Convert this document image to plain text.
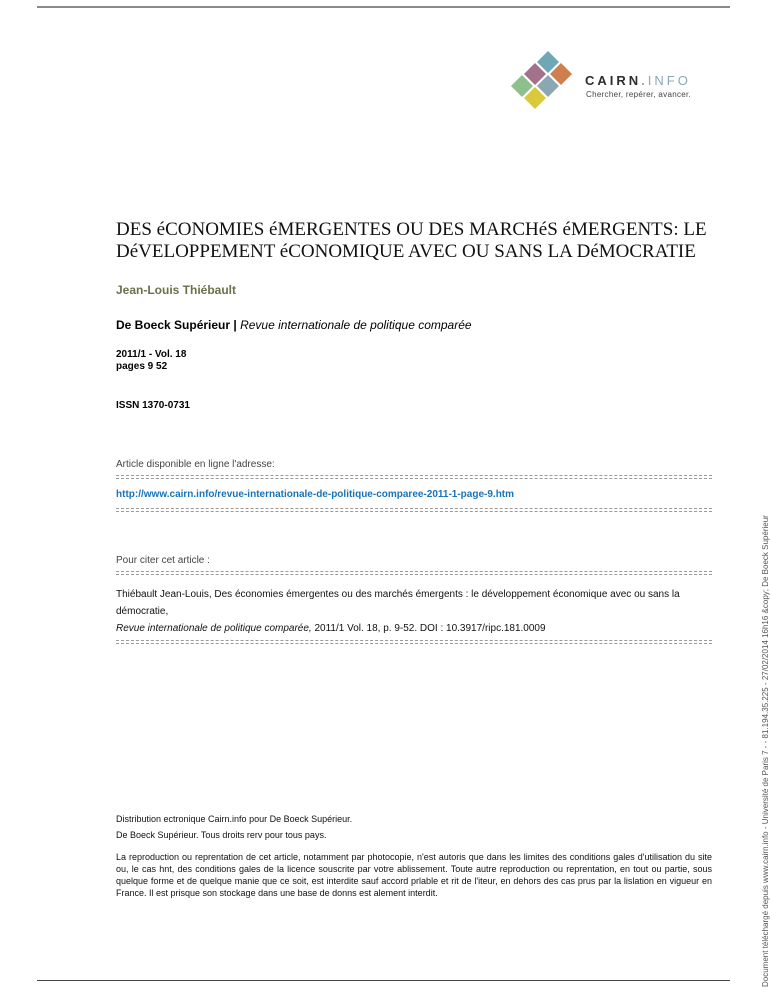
CAIRN.INFO
Chercher, repérer, avancer.
DES éCONOMIES éMERGENTES OU DES MARCHéS éMERGENTS: LE DéVELOPPEMENT éCONOMIQUE AVEC OU SANS LA DéMOCRATIE
Jean-Louis Thiébault
De Boeck Supérieur | Revue internationale de politique comparée
2011/1 - Vol. 18
pages 9 52
ISSN 1370-0731
Article disponible en ligne l'adresse:
http://www.cairn.info/revue-internationale-de-politique-comparee-2011-1-page-9.htm
Pour citer cet article :
Thiébault Jean-Louis, Des économies émergentes ou des marchés émergents : le développement économique avec ou sans la démocratie,
Revue internationale de politique comparée, 2011/1 Vol. 18, p. 9-52. DOI : 10.3917/ripc.181.0009
Distribution ectronique Cairn.info pour De Boeck Supérieur.
De Boeck Supérieur. Tous droits rerv pour tous pays.
La reproduction ou reprentation de cet article, notamment par photocopie, n'est autoris que dans les limites des conditions gales d'utilisation du site ou, le cas hnt, des conditions gales de la licence souscrite par votre ablissement. Toute autre reproduction ou reprentation, en tout ou partie, sous quelque forme et de quelque manie que ce soit, est interdite sauf accord prlable et rit de l'iteur, en dehors des cas prus par la lislation en vigueur en France. Il est prisque son stockage dans une base de donns est alement interdit.	Document téléchargé depuis www.cairn.info - Université de Paris 7 - - 81.194.35.225 - 27/02/2014 16h16 &copy; De Boeck Supérieur
